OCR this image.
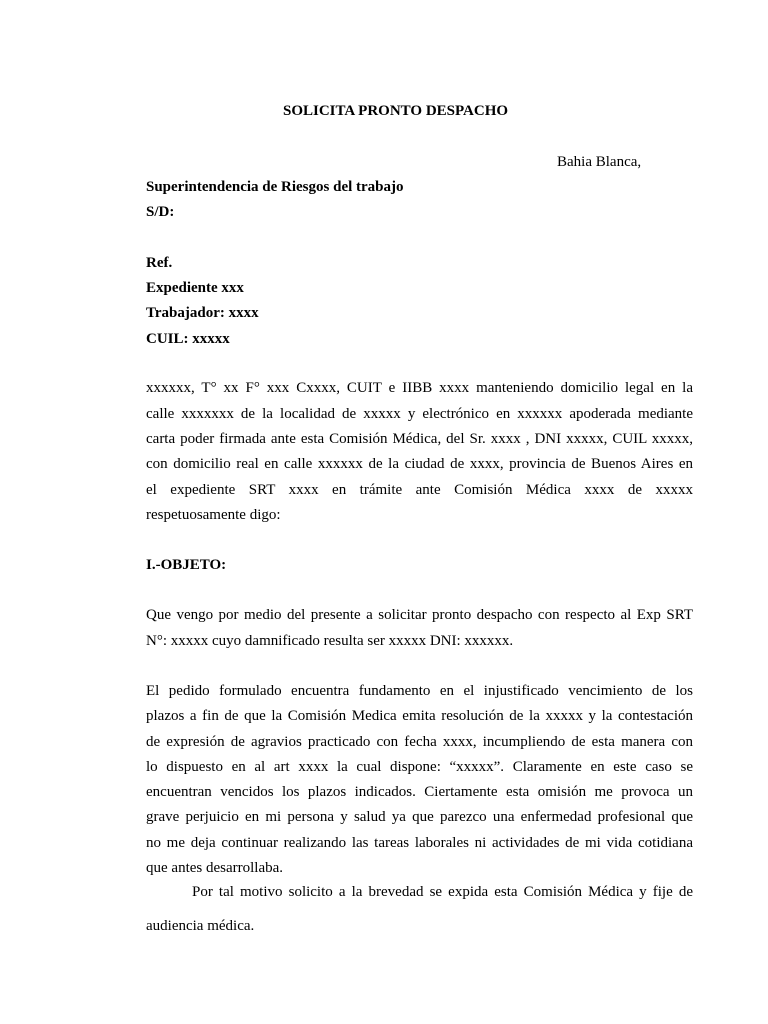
SOLICITA PRONTO DESPACHO

Bahia Blanca,

Superintendencia de Riesgos del trabajo

S/D:

Ref.

Expediente xxx

Trabajador: xxxx

CUIL: xxxxx

xxxxxx, T° xx F° xxx Cxxxx, CUIT e IIBB xxxx manteniendo domicilio legal en la

calle xxxxxxx de la localidad de xxxxx y electrónico en xxxxxx apoderada mediante

carta poder firmada ante esta Comisión Médica, del Sr. xxxx , DNI xxxxx, CUIL xxxxx,

con domicilio real en calle xxxxxx de la ciudad de xxxx, provincia de Buenos Aires en

el expediente SRT xxxx en trámite ante Comisión Médica xxxx de xxxxx

respetuosamente digo:

I.-OBJETO:

Que vengo por medio del presente a solicitar pronto despacho con respecto al Exp SRT

N°: xxxxx cuyo damnificado resulta ser xxxxx DNI: xxxxxx.

El pedido formulado encuentra fundamento en el injustificado vencimiento de los

plazos a fin de que la Comisión Medica emita resolución de la xxxxx y la contestación

de expresión de agravios practicado con fecha xxxx, incumpliendo de esta manera con

lo dispuesto en al art xxxx la cual dispone: “xxxxx”. Claramente en este caso se

encuentran vencidos los plazos indicados. Ciertamente esta omisión me provoca un

grave perjuicio en mi persona y salud ya que parezco una enfermedad profesional que

no me deja continuar realizando las tareas laborales ni actividades de mi vida cotidiana

que antes desarrollaba.

Por tal motivo solicito a la brevedad se expida esta Comisión Médica y fije de

audiencia médica.
